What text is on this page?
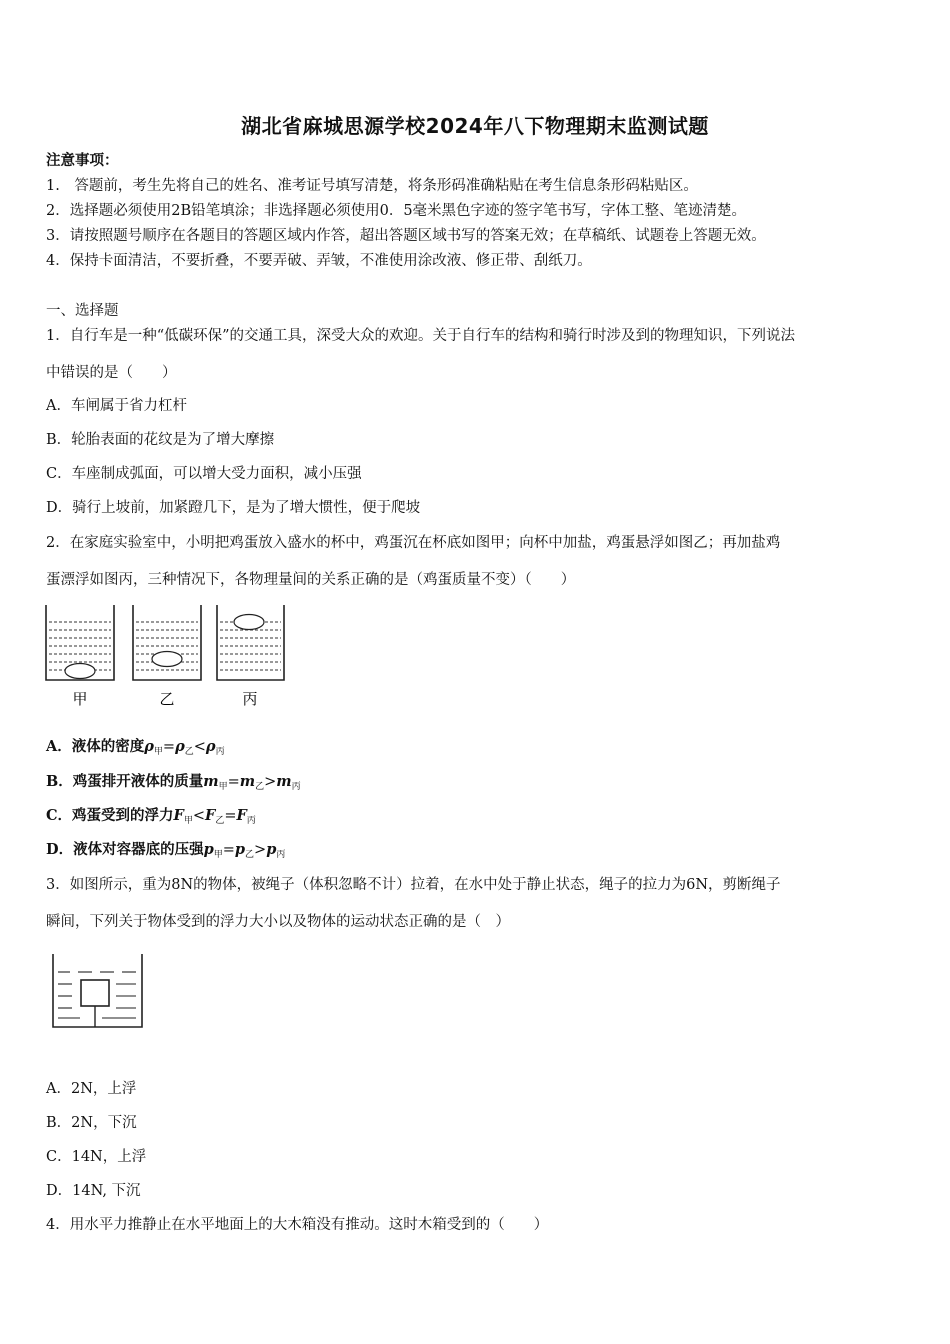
湖北省麻城思源学校2024年八下物理期末监测试题
注意事项：
1.　答题前，考生先将自己的姓名、准考证号填写清楚，将条形码准确粘贴在考生信息条形码粘贴区。
2．选择题必须使用2B铅笔填涂；非选择题必须使用0．5毫米黑色字迹的签字笔书写，字体工整、笔迹清楚。
3．请按照题号顺序在各题目的答题区域内作答，超出答题区域书写的答案无效；在草稿纸、试题卷上答题无效。
4．保持卡面清洁，不要折叠，不要弄破、弄皱，不准使用涂改液、修正带、刮纸刀。
一、选择题
1．自行车是一种“低碳环保”的交通工具，深受大众的欢迎。关于自行车的结构和骑行时涉及到的物理知识，下列说法
中错误的是（　　）
A．车闸属于省力杠杆
B．轮胎表面的花纹是为了增大摩擦
C．车座制成弧面，可以增大受力面积，减小压强
D．骑行上坡前，加紧蹬几下，是为了增大惯性，便于爬坡
2．在家庭实验室中，小明把鸡蛋放入盛水的杯中，鸡蛋沉在杯底如图甲；向杯中加盐，鸡蛋悬浮如图乙；再加盐鸡
蛋漂浮如图丙，三种情况下，各物理量间的关系正确的是（鸡蛋质量不变）（　　）
甲	乙	丙
A．液体的密度$\rho_甲=\rho_乙<\rho_丙$
B．鸡蛋排开液体的质量$m_甲=m_乙>m_丙$
C．鸡蛋受到的浮力$F_甲<F_乙=F_丙$
D．液体对容器底的压强$p_甲=p_乙>p_丙$
3．如图所示，重为8N的物体，被绳子（体积忽略不计）拉着，在水中处于静止状态，绳子的拉力为6N，剪断绳子
瞬间，下列关于物体受到的浮力大小以及物体的运动状态正确的是（　）
A．2N，上浮
B．2N，下沉
C．14N，上浮
D．14N, 下沉
4．用水平力推静止在水平地面上的大木箱没有推动。这时木箱受到的（　　）
